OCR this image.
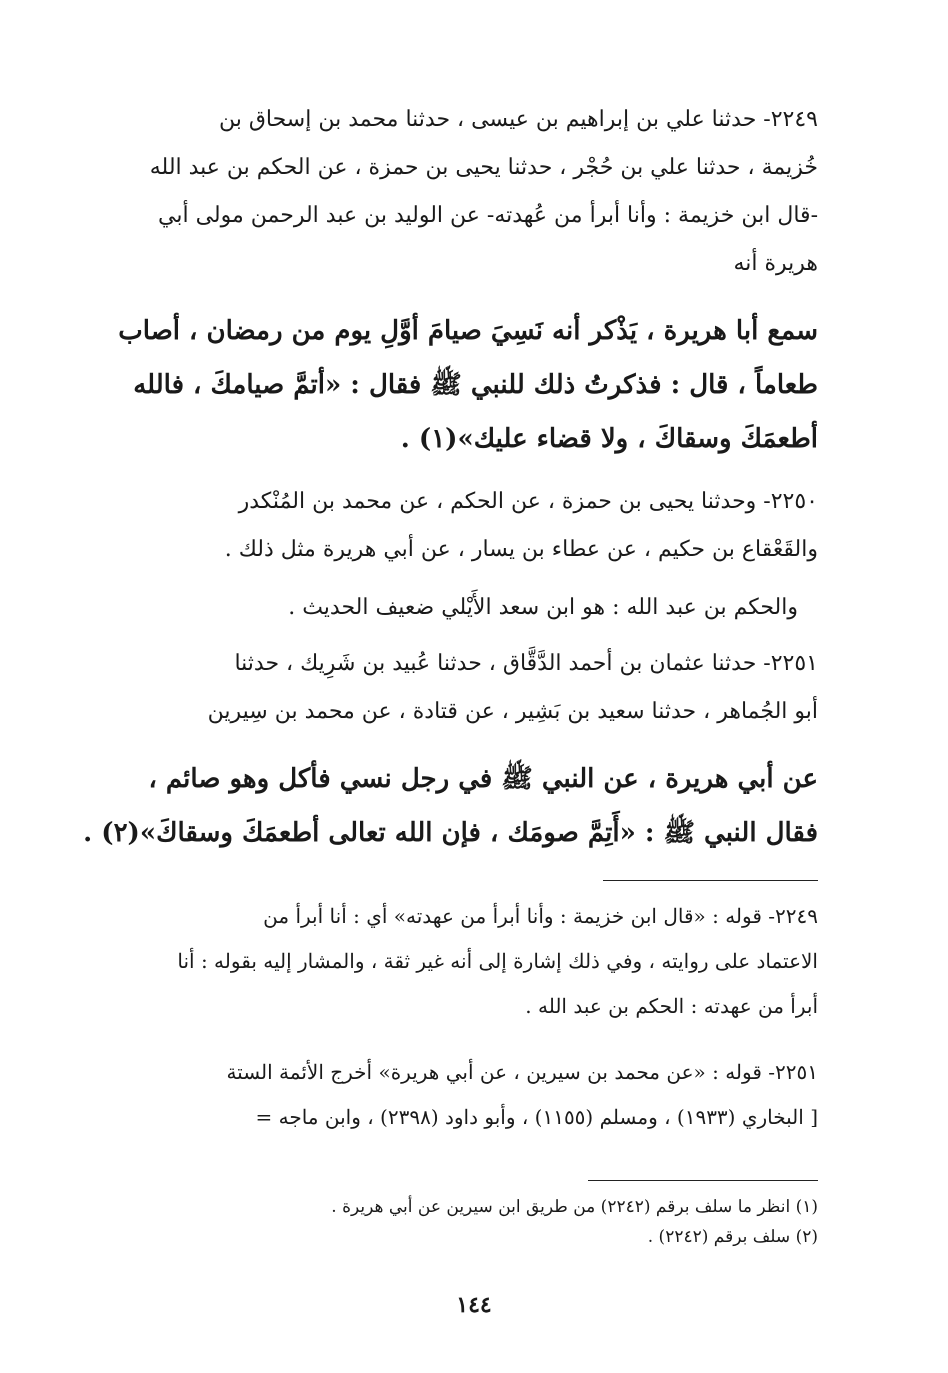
٢٢٤٩- حدثنا علي بن إبراهيم بن عيسى ، حدثنا محمد بن إسحاق بن
خُزيمة ، حدثنا علي بن حُجْر ، حدثنا يحيى بن حمزة ، عن الحكم بن عبد الله
-قال ابن خزيمة : وأنا أبرأ من عُهدته- عن الوليد بن عبد الرحمن مولى أبي
هريرة أنه
سمع أبا هريرة ، يَذْكر أنه نَسِيَ صيامَ أوَّلِ يوم من رمضان ، أصاب
طعاماً ، قال : فذكرتُ ذلك للنبي ﷺ فقال : «أتمَّ صيامكَ ، فالله
أطعمَكَ وسقاكَ ، ولا قضاء عليك»(١) .
٢٢٥٠- وحدثنا يحيى بن حمزة ، عن الحكم ، عن محمد بن المُنْكدر
والقَعْقاع بن حكيم ، عن عطاء بن يسار ، عن أبي هريرة مثل ذلك .
والحكم بن عبد الله : هو ابن سعد الأَيْلي ضعيف الحديث .
٢٢٥١- حدثنا عثمان بن أحمد الدَّقَّاق ، حدثنا عُبيد بن شَرِيك ، حدثنا
أبو الجُماهر ، حدثنا سعيد بن بَشِير ، عن قتادة ، عن محمد بن سِيرين
عن أبي هريرة ، عن النبي ﷺ في رجل نسي فأكل وهو صائم ،
فقال النبي ﷺ : «أَتِمَّ صومَك ، فإن الله تعالى أطعمَكَ وسقاكَ»(٢) .
٢٢٤٩- قوله : «قال ابن خزيمة : وأنا أبرأ من عهدته» أي : أنا أبرأ من
الاعتماد على روايته ، وفي ذلك إشارة إلى أنه غير ثقة ، والمشار إليه بقوله : أنا
أبرأ من عهدته : الحكم بن عبد الله .
٢٢٥١- قوله : «عن محمد بن سيرين ، عن أبي هريرة» أخرج الأئمة الستة
[ البخاري (١٩٣٣) ، ومسلم (١١٥٥) ، وأبو داود (٢٣٩٨) ، وابن ماجه =
(١) انظر ما سلف برقم (٢٢٤٢) من طريق ابن سيرين عن أبي هريرة .
(٢) سلف برقم (٢٢٤٢) .
١٤٤
